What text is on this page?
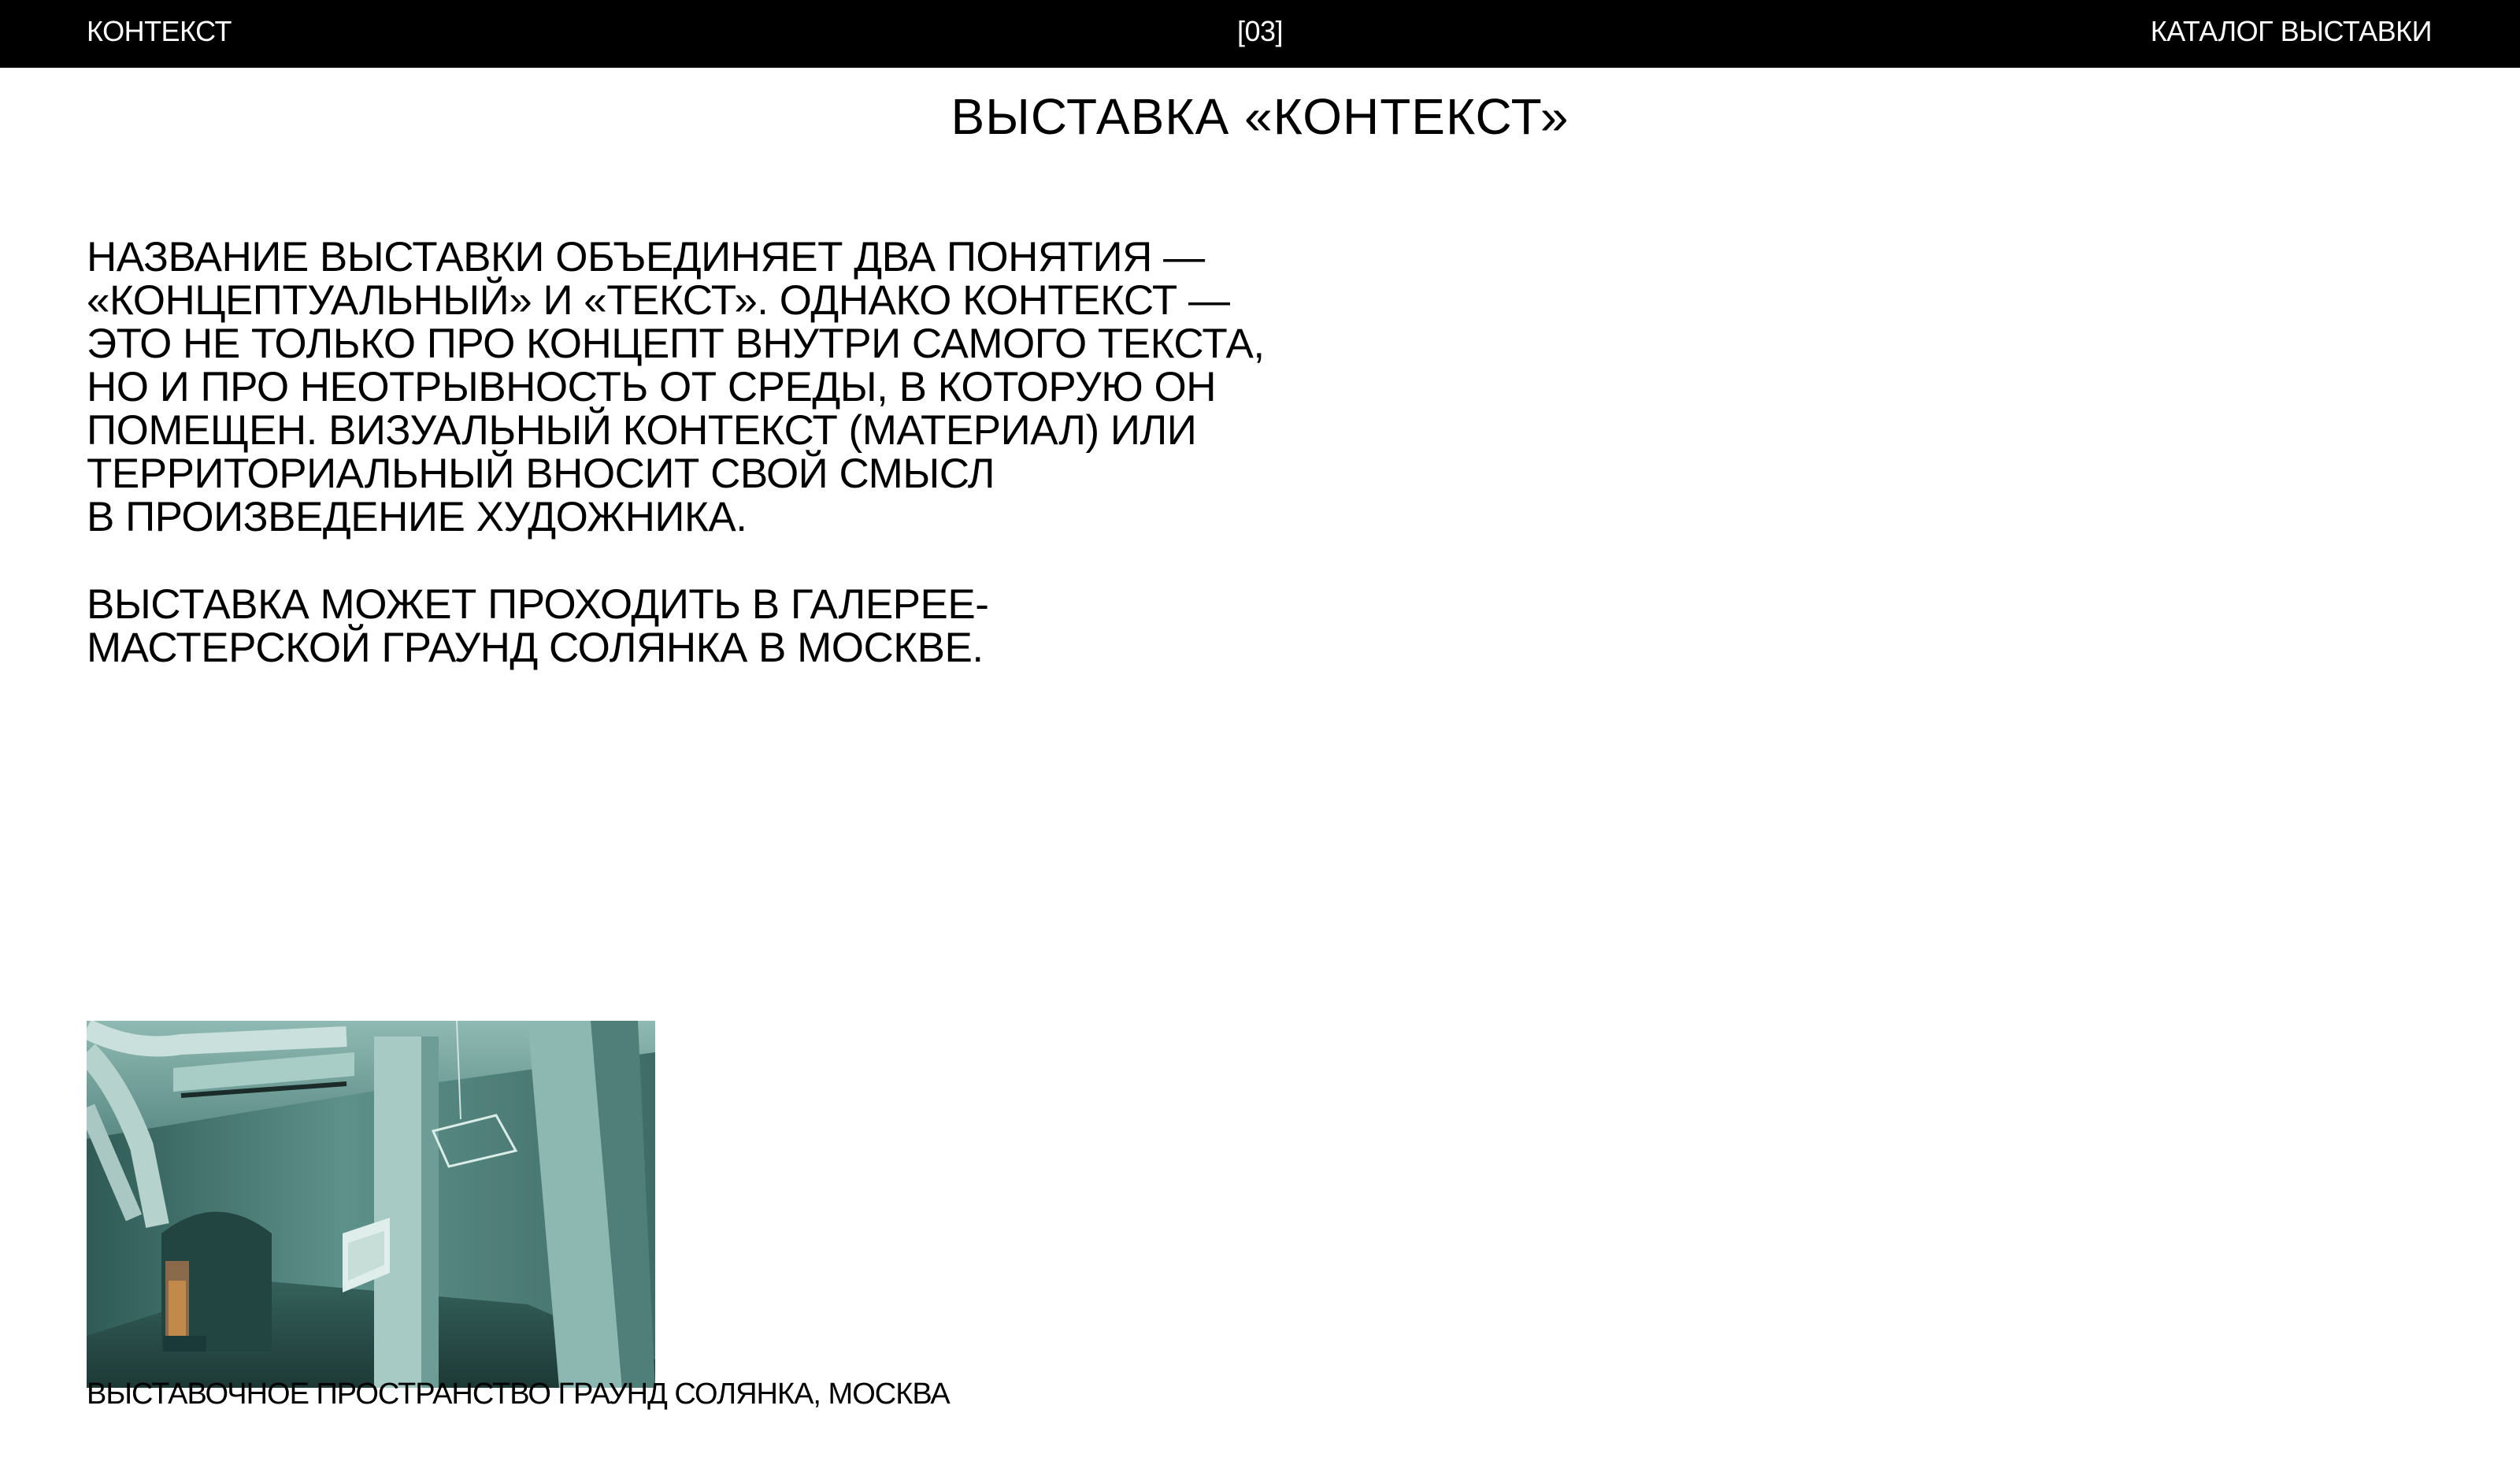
КОНТЕКСТ	[03]	КАТАЛОГ ВЫСТАВКИ
ВЫСТАВКА «КОНТЕКСТ»

НАЗВАНИЕ ВЫСТАВКИ ОБЪЕДИНЯЕТ ДВА ПОНЯТИЯ —
«КОНЦЕПТУАЛЬНЫЙ» И «ТЕКСТ». ОДНАКО КОНТЕКСТ —
ЭТО НЕ ТОЛЬКО ПРО КОНЦЕПТ ВНУТРИ САМОГО ТЕКСТА,
НО И ПРО НЕОТРЫВНОСТЬ ОТ СРЕДЫ, В КОТОРУЮ ОН
ПОМЕЩЕН. ВИЗУАЛЬНЫЙ КОНТЕКСТ (МАТЕРИАЛ) ИЛИ
ТЕРРИТОРИАЛЬНЫЙ ВНОСИТ СВОЙ СМЫСЛ
В ПРОИЗВЕДЕНИЕ ХУДОЖНИКА.

ВЫСТАВКА МОЖЕТ ПРОХОДИТЬ В ГАЛЕРЕЕ-
МАСТЕРСКОЙ ГРАУНД СОЛЯНКА В МОСКВЕ.

ВЫСТАВОЧНОЕ ПРОСТРАНСТВО ГРАУНД СОЛЯНКА, МОСКВА
